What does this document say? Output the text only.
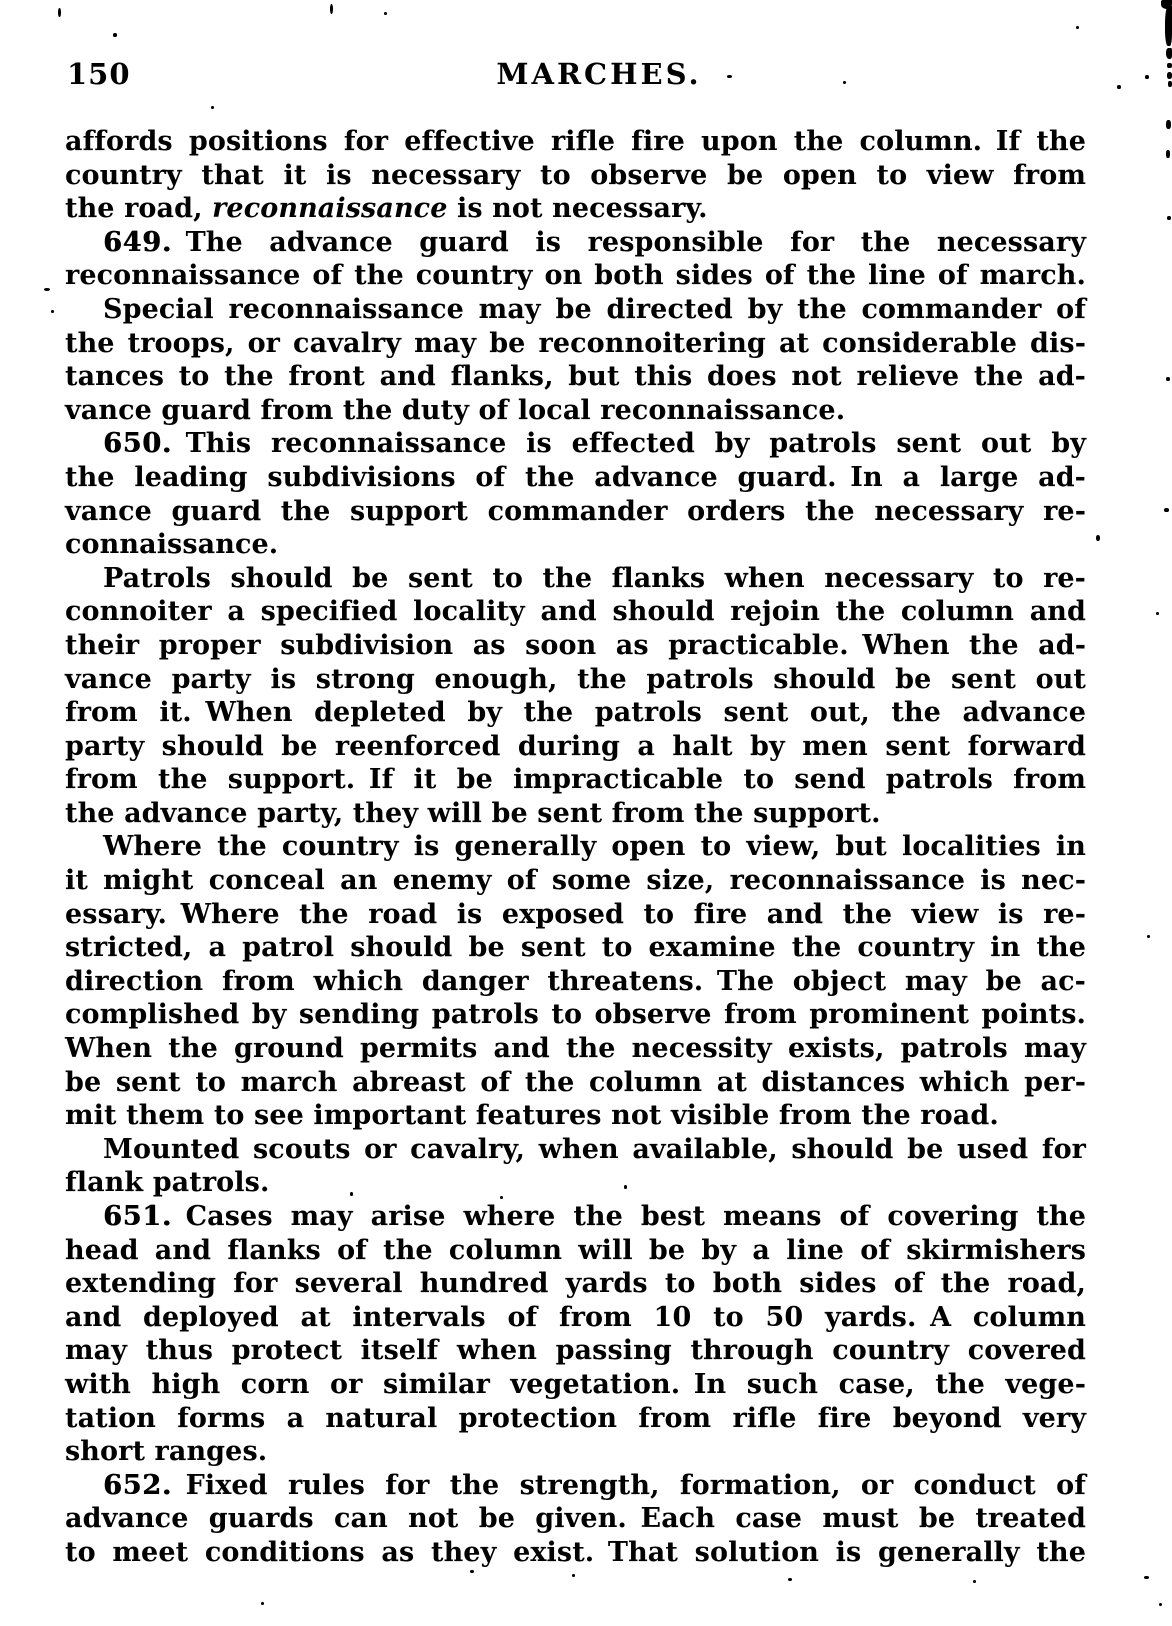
150	MARCHES.
affords positions for effective rifle fire upon the column. If the
country that it is necessary to observe be open to view from
the road, reconnaissance is not necessary.
649. The advance guard is responsible for the necessary
reconnaissance of the country on both sides of the line of march.
Special reconnaissance may be directed by the commander of
the troops, or cavalry may be reconnoitering at considerable dis-
tances to the front and flanks, but this does not relieve the ad-
vance guard from the duty of local reconnaissance.
650. This reconnaissance is effected by patrols sent out by
the leading subdivisions of the advance guard. In a large ad-
vance guard the support commander orders the necessary re-
connaissance.
Patrols should be sent to the flanks when necessary to re-
connoiter a specified locality and should rejoin the column and
their proper subdivision as soon as practicable. When the ad-
vance party is strong enough, the patrols should be sent out
from it. When depleted by the patrols sent out, the advance
party should be reenforced during a halt by men sent forward
from the support. If it be impracticable to send patrols from
the advance party, they will be sent from the support.
Where the country is generally open to view, but localities in
it might conceal an enemy of some size, reconnaissance is nec-
essary. Where the road is exposed to fire and the view is re-
stricted, a patrol should be sent to examine the country in the
direction from which danger threatens. The object may be ac-
complished by sending patrols to observe from prominent points.
When the ground permits and the necessity exists, patrols may
be sent to march abreast of the column at distances which per-
mit them to see important features not visible from the road.
Mounted scouts or cavalry, when available, should be used for
flank patrols.
651. Cases may arise where the best means of covering the
head and flanks of the column will be by a line of skirmishers
extending for several hundred yards to both sides of the road,
and deployed at intervals of from 10 to 50 yards. A column
may thus protect itself when passing through country covered
with high corn or similar vegetation. In such case, the vege-
tation forms a natural protection from rifle fire beyond very
short ranges.
652. Fixed rules for the strength, formation, or conduct of
advance guards can not be given. Each case must be treated
to meet conditions as they exist. That solution is generally the
